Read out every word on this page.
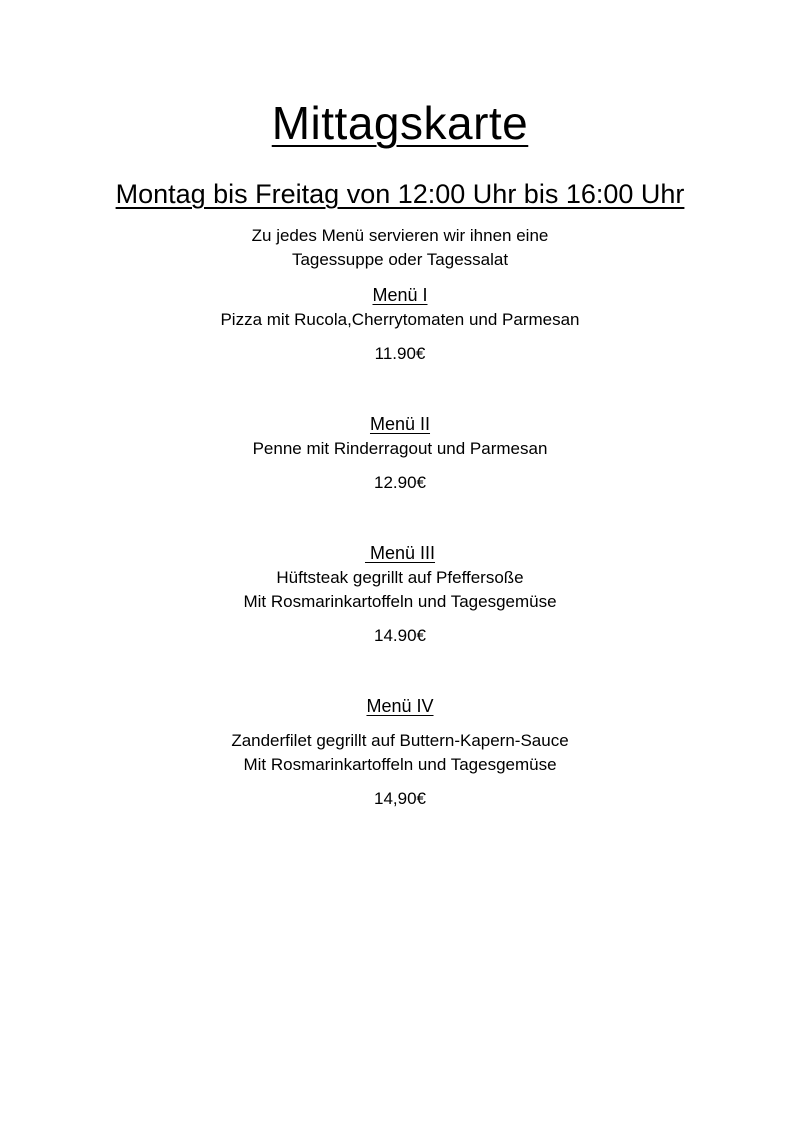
Mittagskarte
Montag bis Freitag von 12:00 Uhr bis 16:00 Uhr

Zu jedes Menü servieren wir ihnen eine
Tagessuppe oder Tagessalat

Menü I

Pizza mit Rucola,Cherrytomaten und Parmesan

11.90€

Menü II

Penne mit Rinderragout und Parmesan

12.90€

Menü III

Hüftsteak gegrillt auf Pfeffersoße

Mit Rosmarinkartoffeln und Tagesgemüse

14.90€

Menü IV

Zanderfilet gegrillt auf Buttern-Kapern-Sauce

Mit Rosmarinkartoffeln und Tagesgemüse

14,90€
